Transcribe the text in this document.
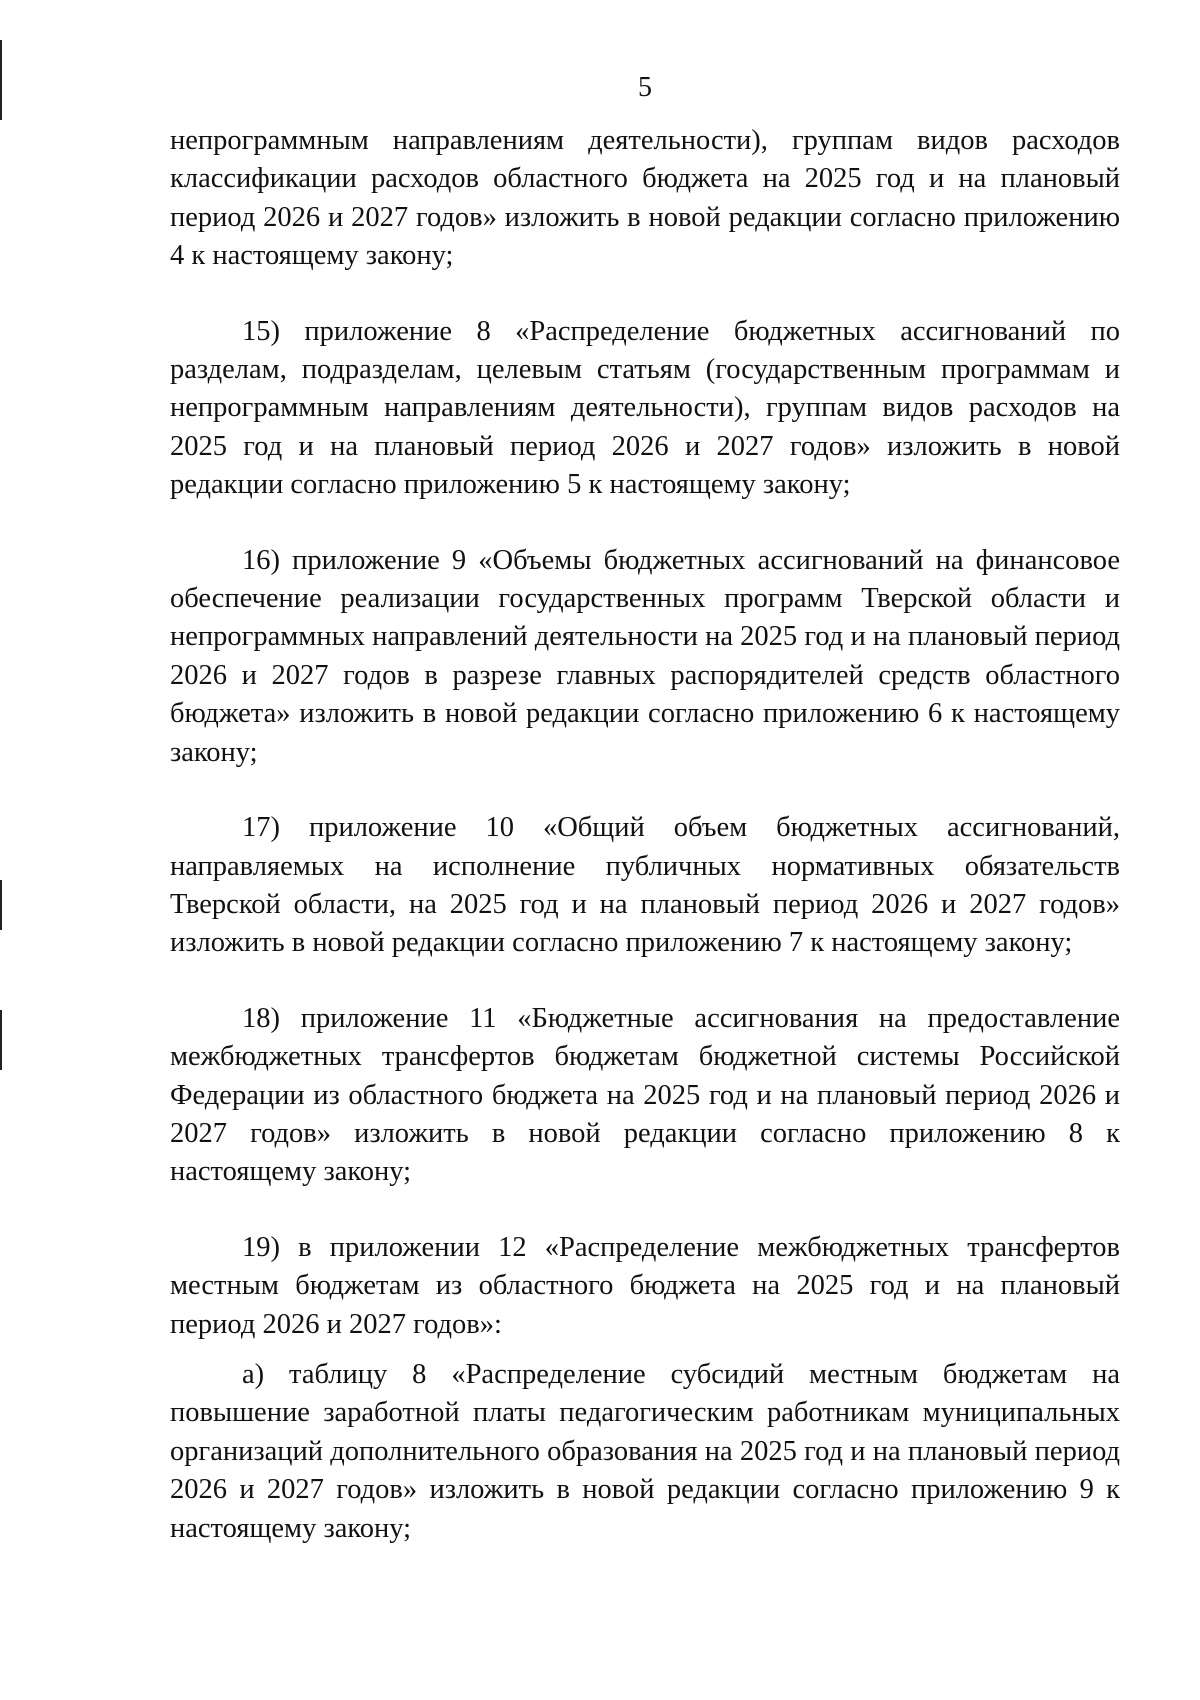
5

непрограммным направлениям деятельности), группам видов расходов классификации расходов областного бюджета на 2025 год и на плановый период 2026 и 2027 годов» изложить в новой редакции согласно приложению 4 к настоящему закону;

15) приложение 8 «Распределение бюджетных ассигнований по разделам, подразделам, целевым статьям (государственным программам и непрограммным направлениям деятельности), группам видов расходов на 2025 год и на плановый период 2026 и 2027 годов» изложить в новой редакции согласно приложению 5 к настоящему закону;

16) приложение 9 «Объемы бюджетных ассигнований на финансовое обеспечение реализации государственных программ Тверской области и непрограммных направлений деятельности на 2025 год и на плановый период 2026 и 2027 годов в разрезе главных распорядителей средств областного бюджета» изложить в новой редакции согласно приложению 6 к настоящему закону;

17) приложение 10 «Общий объем бюджетных ассигнований, направляемых на исполнение публичных нормативных обязательств Тверской области, на 2025 год и на плановый период 2026 и 2027 годов» изложить в новой редакции согласно приложению 7 к настоящему закону;

18) приложение 11 «Бюджетные ассигнования на предоставление межбюджетных трансфертов бюджетам бюджетной системы Российской Федерации из областного бюджета на 2025 год и на плановый период 2026 и 2027 годов» изложить в новой редакции согласно приложению 8 к настоящему закону;

19) в приложении 12 «Распределение межбюджетных трансфертов местным бюджетам из областного бюджета на 2025 год и на плановый период 2026 и 2027 годов»:

а) таблицу 8 «Распределение субсидий местным бюджетам на повышение заработной платы педагогическим работникам муниципальных организаций дополнительного образования на 2025 год и на плановый период 2026 и 2027 годов» изложить в новой редакции согласно приложению 9 к настоящему закону;
